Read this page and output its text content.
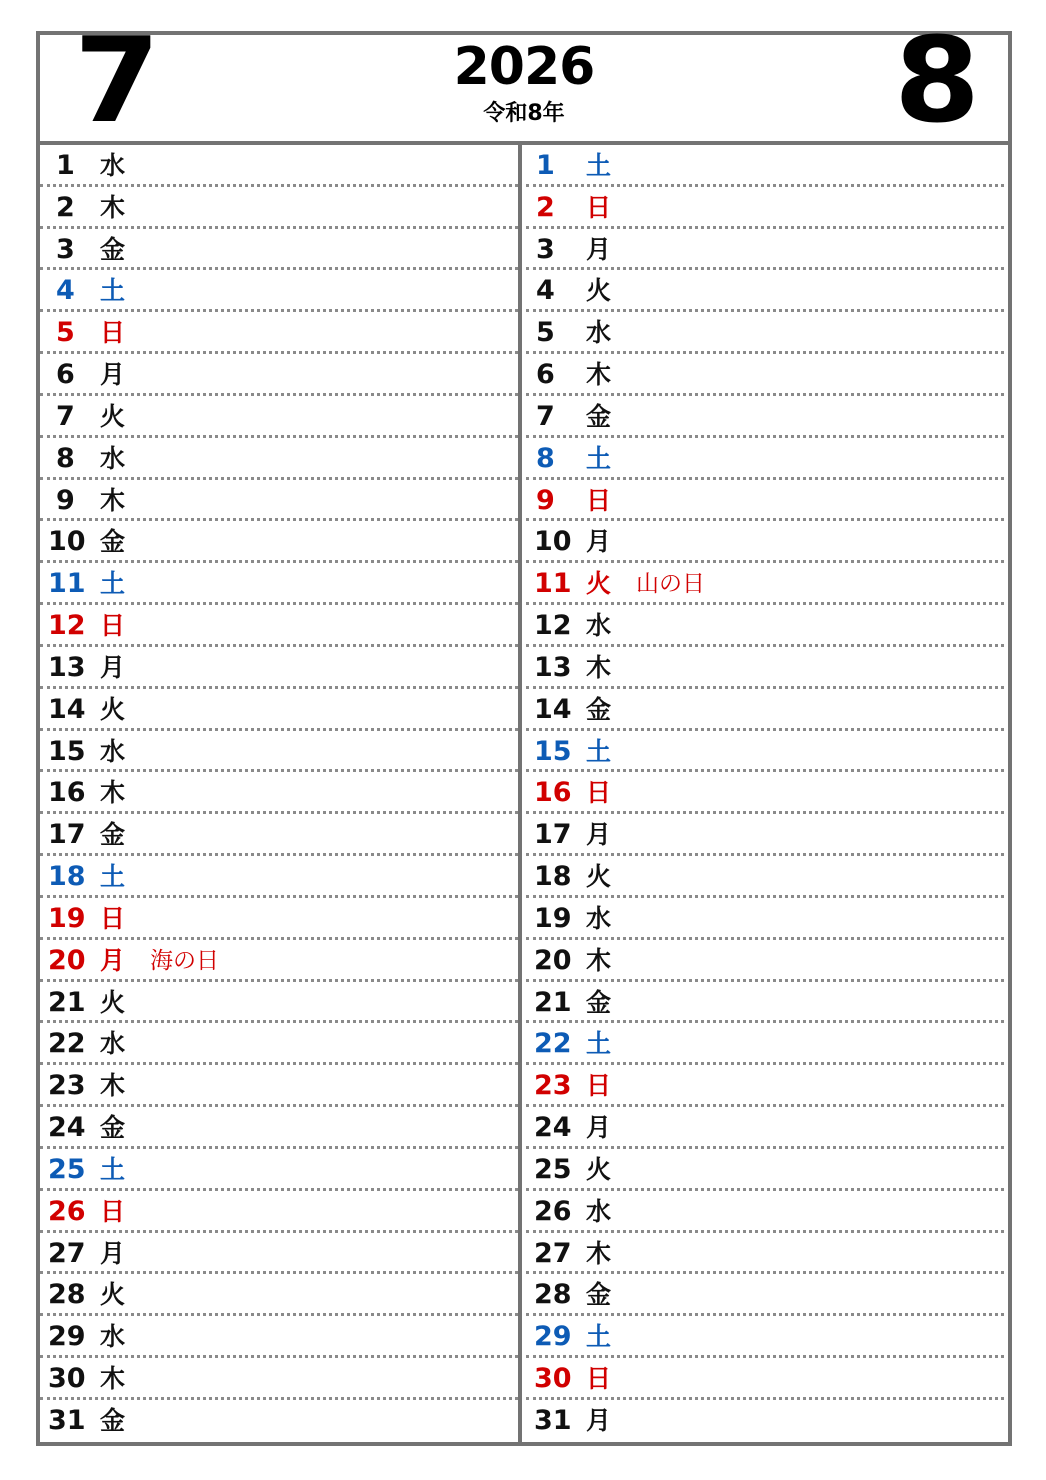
7	2026
令和8年	8
1	水
2	木
3	金
4	土
5	日
6	月
7	火
8	水
9	木
10 金
11 土
12 日
13 月
14 火
15 水
16 木
17 金
18 土
19 日
20 月 海の日
21 火
22 水
23 木
24 金
25 土
26 日
27 月
28 火
29 水
30 木
31 金
1	土
2	日
3	月
4	火
5	水
6	木
7	金
8	土
9	日
10 月
11 火 山の日
12 水
13 木
14 金
15 土
16 日
17 月
18 火
19 水
20 木
21 金
22 土
23 日
24 月
25 火
26 水
27 木
28 金
29 土
30 日
31 月
